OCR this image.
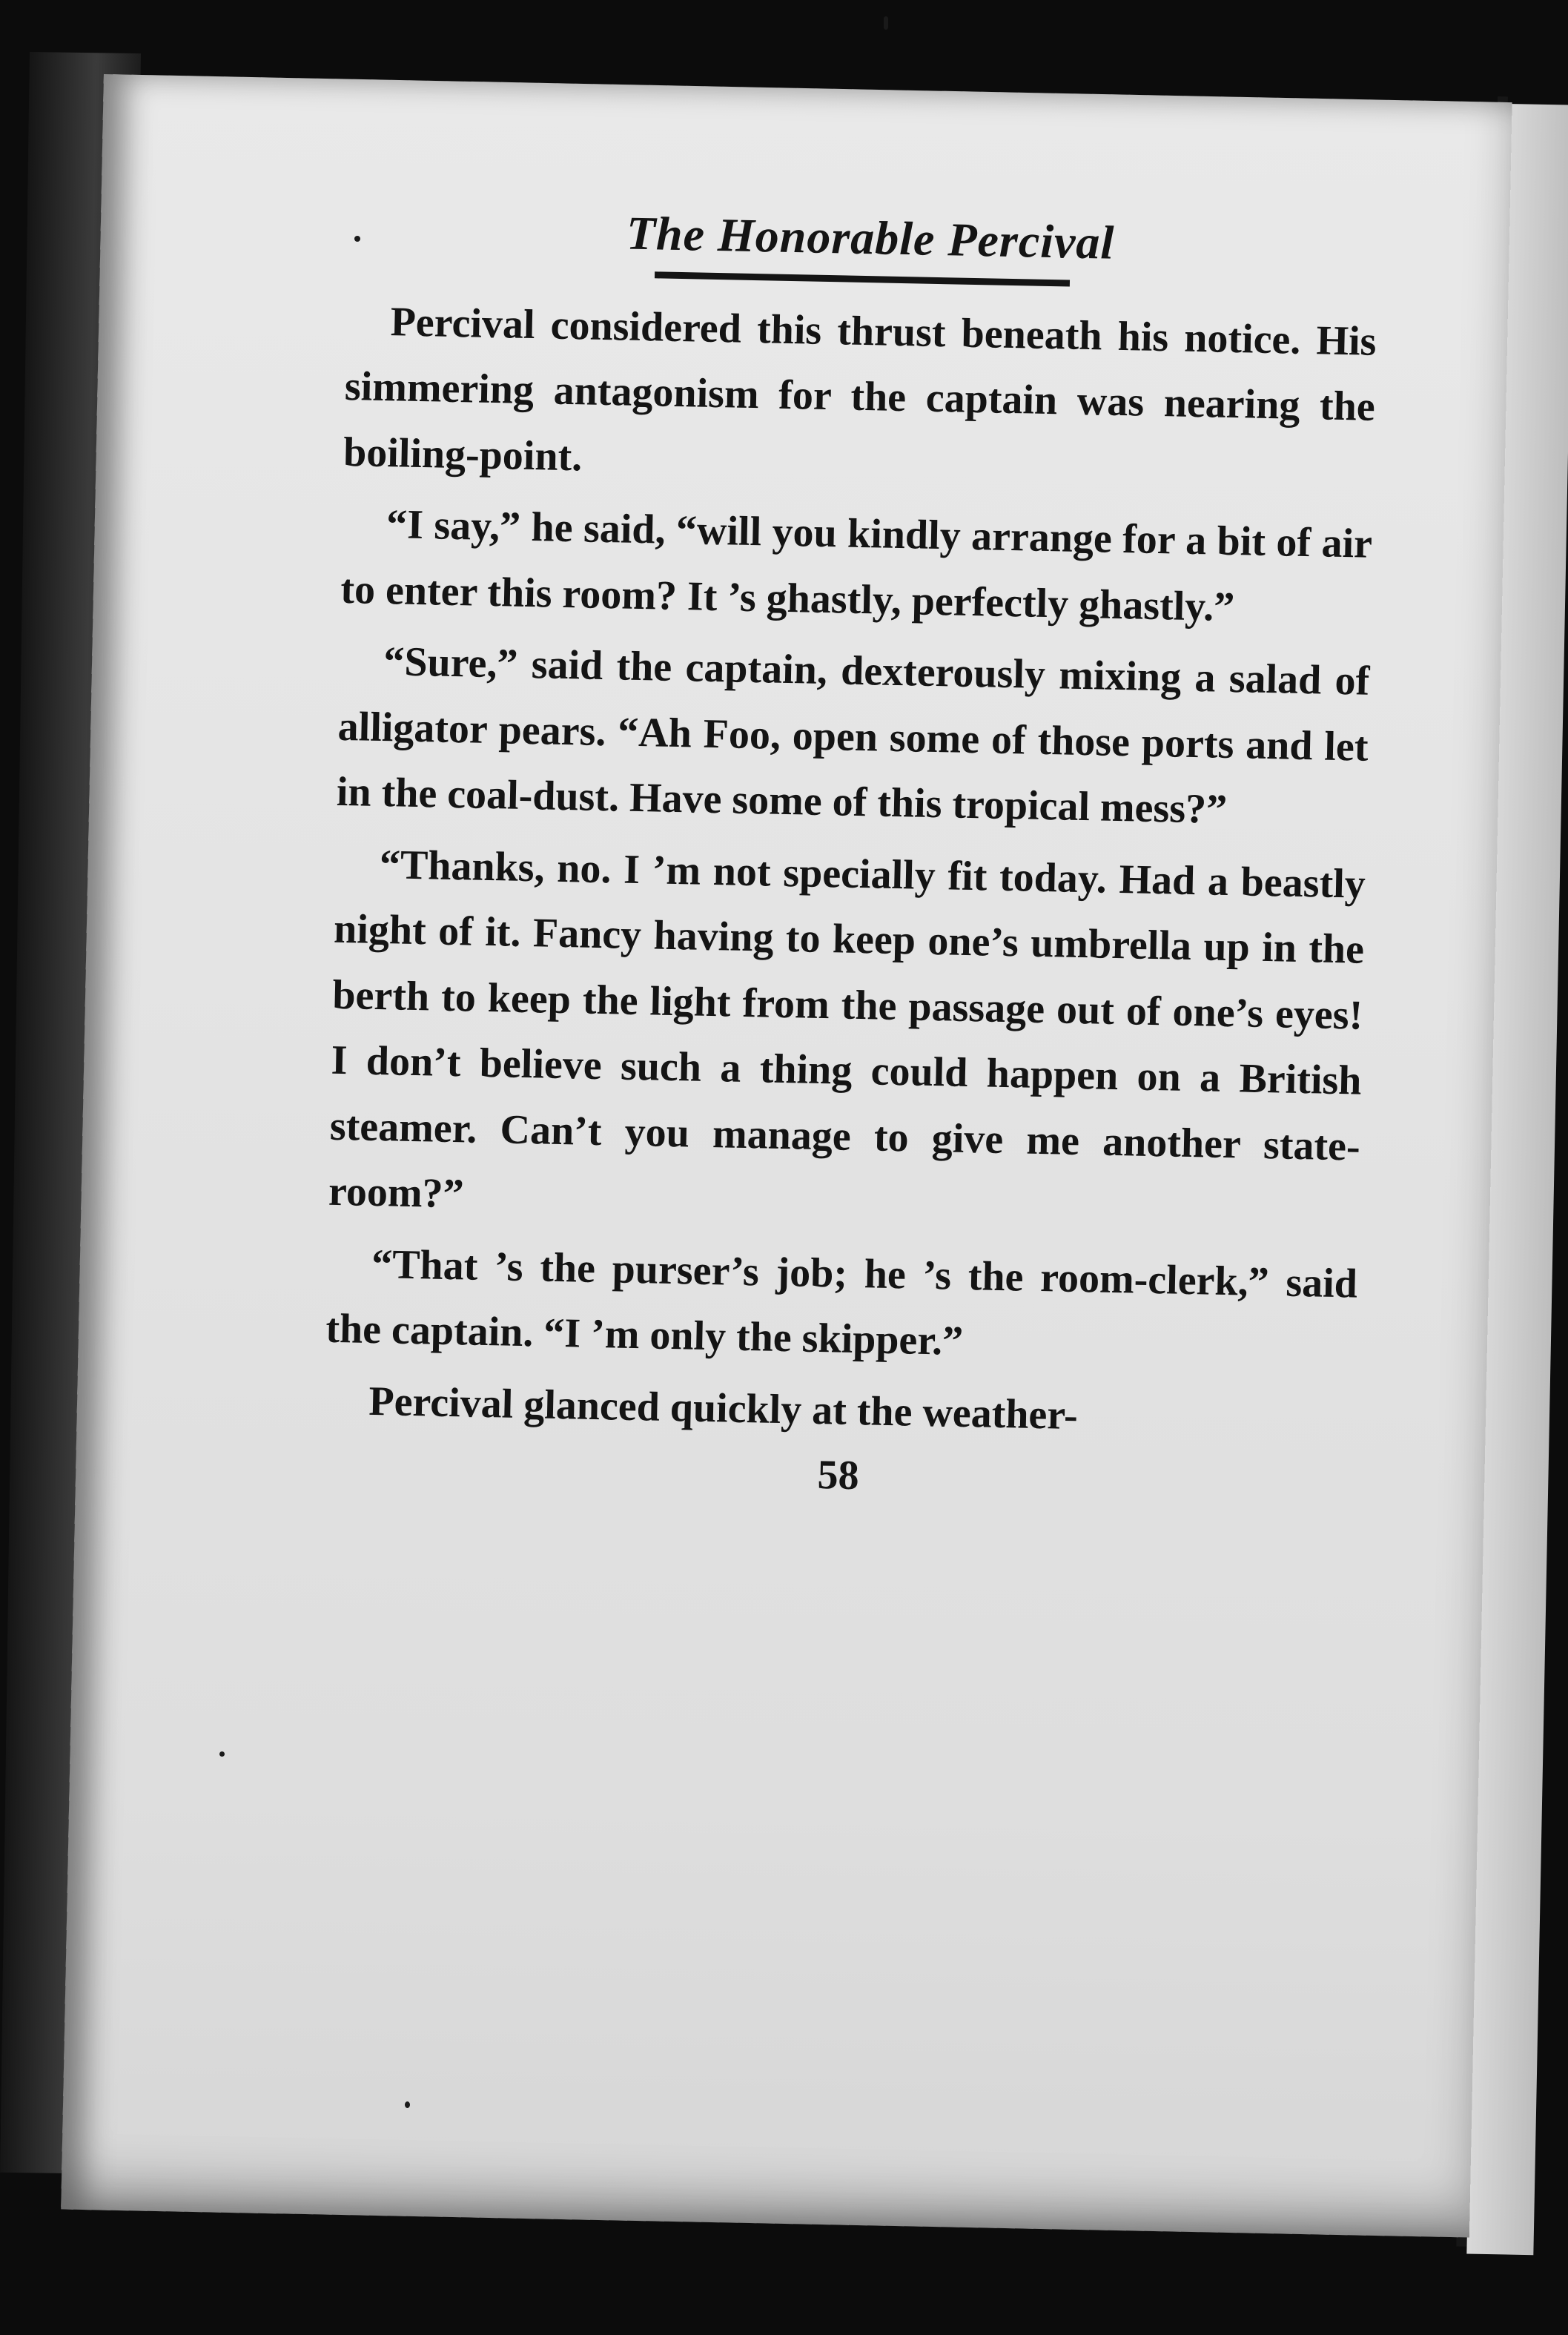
The Honorable Percival

Percival considered this thrust beneath his notice. His simmering antagonism for the captain was nearing the boiling-point.

“I say,” he said, “will you kindly arrange for a bit of air to enter this room? It ’s ghastly, perfectly ghastly.”

“Sure,” said the captain, dexterously mixing a salad of alligator pears. “Ah Foo, open some of those ports and let in the coal-dust. Have some of this tropical mess?”

“Thanks, no. I ’m not specially fit today. Had a beastly night of it. Fancy having to keep one’s umbrella up in the berth to keep the light from the passage out of one’s eyes! I don’t believe such a thing could happen on a British steamer. Can’t you manage to give me another state-room?”

“That ’s the purser’s job; he ’s the room-clerk,” said the captain. “I ’m only the skipper.”

Percival glanced quickly at the weather-

58
